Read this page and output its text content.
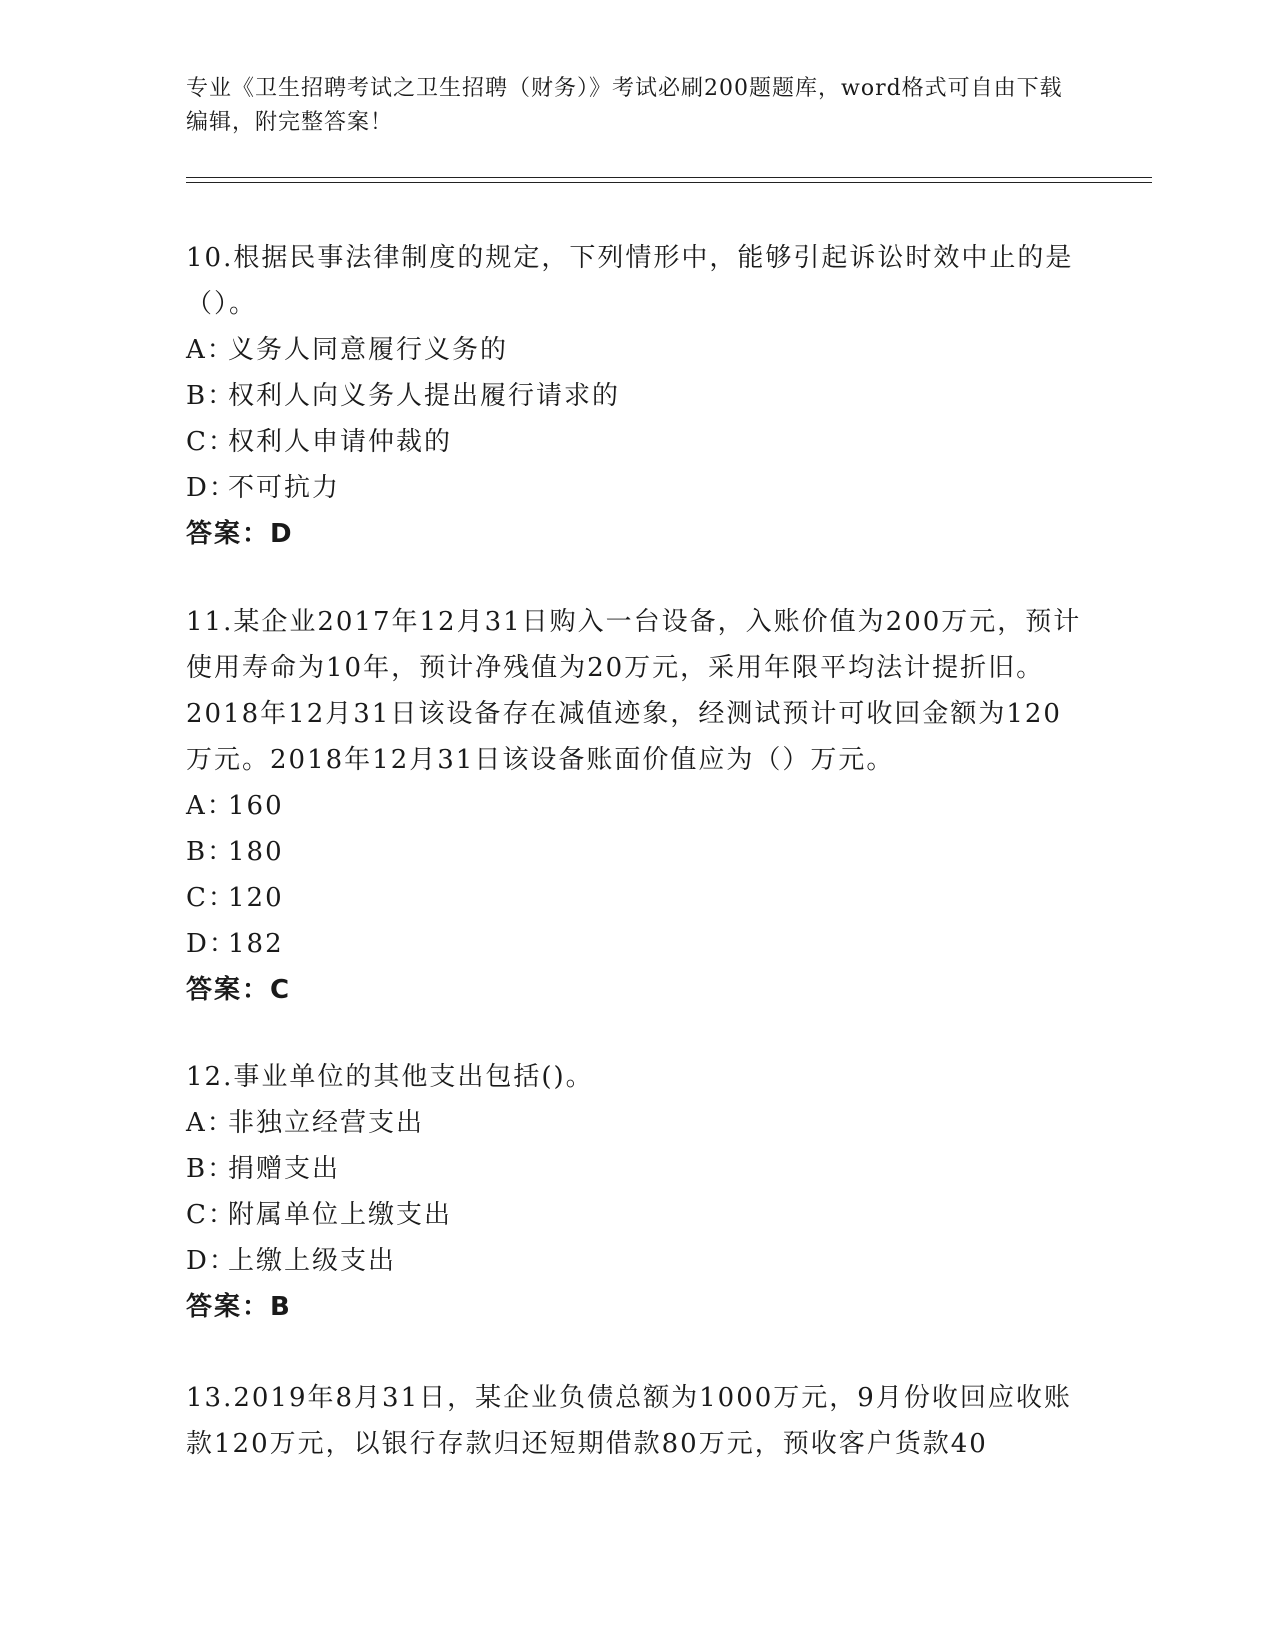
专业《卫生招聘考试之卫生招聘（财务）》考试必刷200题题库，word格式可自由下载编辑，附完整答案！

10.根据民事法律制度的规定，下列情形中，能够引起诉讼时效中止的是（）。

A：义务人同意履行义务的

B：权利人向义务人提出履行请求的

C：权利人申请仲裁的

D：不可抗力

答案：D

11.某企业2017年12月31日购入一台设备，入账价值为200万元，预计使用寿命为10年，预计净残值为20万元，采用年限平均法计提折旧。2018年12月31日该设备存在减值迹象，经测试预计可收回金额为120万元。2018年12月31日该设备账面价值应为（）万元。

A：160

B：180

C：120

D：182

答案：C

12.事业单位的其他支出包括()。

A：非独立经营支出

B：捐赠支出

C：附属单位上缴支出

D：上缴上级支出

答案：B

13.2019年8月31日，某企业负债总额为1000万元，9月份收回应收账款120万元，以银行存款归还短期借款80万元，预收客户货款40
